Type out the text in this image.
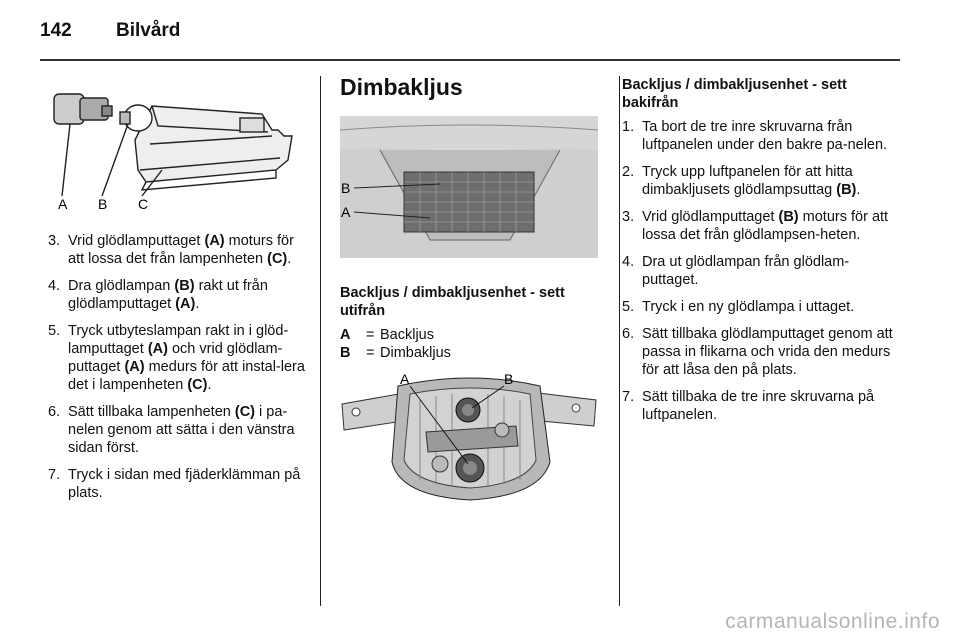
142 Bilvård
A B C
3. Vrid glödlamputtaget (A) moturs för att lossa det från lampenheten (C).
4. Dra glödlampan (B) rakt ut från glödlamputtaget (A).
5. Tryck utbyteslampan rakt in i glöd-lamputtaget (A) och vrid glödlam-puttaget (A) medurs för att instal-lera det i lampenheten (C).
6. Sätt tillbaka lampenheten (C) i pa-nelen genom att sätta i den vänstra sidan först.
7. Tryck i sidan med fjäderklämman på plats.
Dimbakljus
Backljus / dimbakljusenhet - sett utifrån
A = Backljus
B = Dimbakljus
B
A
A	B
Backljus / dimbakljusenhet - sett bakifrån
1. Ta bort de tre inre skruvarna från luftpanelen under den bakre pa-nelen.
2. Tryck upp luftpanelen för att hitta dimbakljusets glödlampsuttag (B).
3. Vrid glödlamputtaget (B) moturs för att lossa det från glödlampsen-heten.
4. Dra ut glödlampan från glödlam-puttaget.
5. Tryck i en ny glödlampa i uttaget.
6. Sätt tillbaka glödlamputtaget genom att passa in flikarna och vrida den medurs för att låsa den på plats.
7. Sätt tillbaka de tre inre skruvarna på luftpanelen.
carmanualsonline.info
